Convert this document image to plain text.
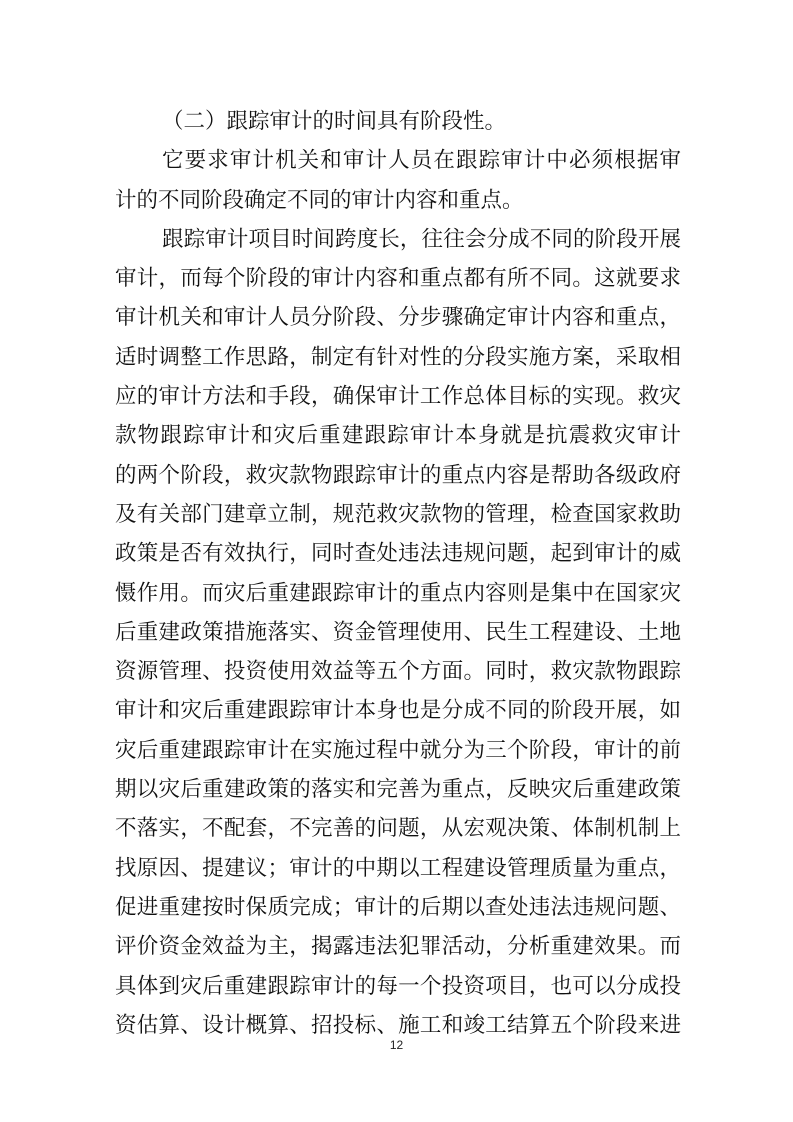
（二）跟踪审计的时间具有阶段性。
它要求审计机关和审计人员在跟踪审计中必须根据审
计的不同阶段确定不同的审计内容和重点。
跟踪审计项目时间跨度长，往往会分成不同的阶段开展
审计，而每个阶段的审计内容和重点都有所不同。这就要求
审计机关和审计人员分阶段、分步骤确定审计内容和重点，
适时调整工作思路，制定有针对性的分段实施方案，采取相
应的审计方法和手段，确保审计工作总体目标的实现。救灾
款物跟踪审计和灾后重建跟踪审计本身就是抗震救灾审计
的两个阶段，救灾款物跟踪审计的重点内容是帮助各级政府
及有关部门建章立制，规范救灾款物的管理，检查国家救助
政策是否有效执行，同时查处违法违规问题，起到审计的威
慑作用。而灾后重建跟踪审计的重点内容则是集中在国家灾
后重建政策措施落实、资金管理使用、民生工程建设、土地
资源管理、投资使用效益等五个方面。同时，救灾款物跟踪
审计和灾后重建跟踪审计本身也是分成不同的阶段开展，如
灾后重建跟踪审计在实施过程中就分为三个阶段，审计的前
期以灾后重建政策的落实和完善为重点，反映灾后重建政策
不落实，不配套，不完善的问题，从宏观决策、体制机制上
找原因、提建议；审计的中期以工程建设管理质量为重点，
促进重建按时保质完成；审计的后期以查处违法违规问题、
评价资金效益为主，揭露违法犯罪活动，分析重建效果。而
具体到灾后重建跟踪审计的每一个投资项目，也可以分成投
资估算、设计概算、招投标、施工和竣工结算五个阶段来进
12
